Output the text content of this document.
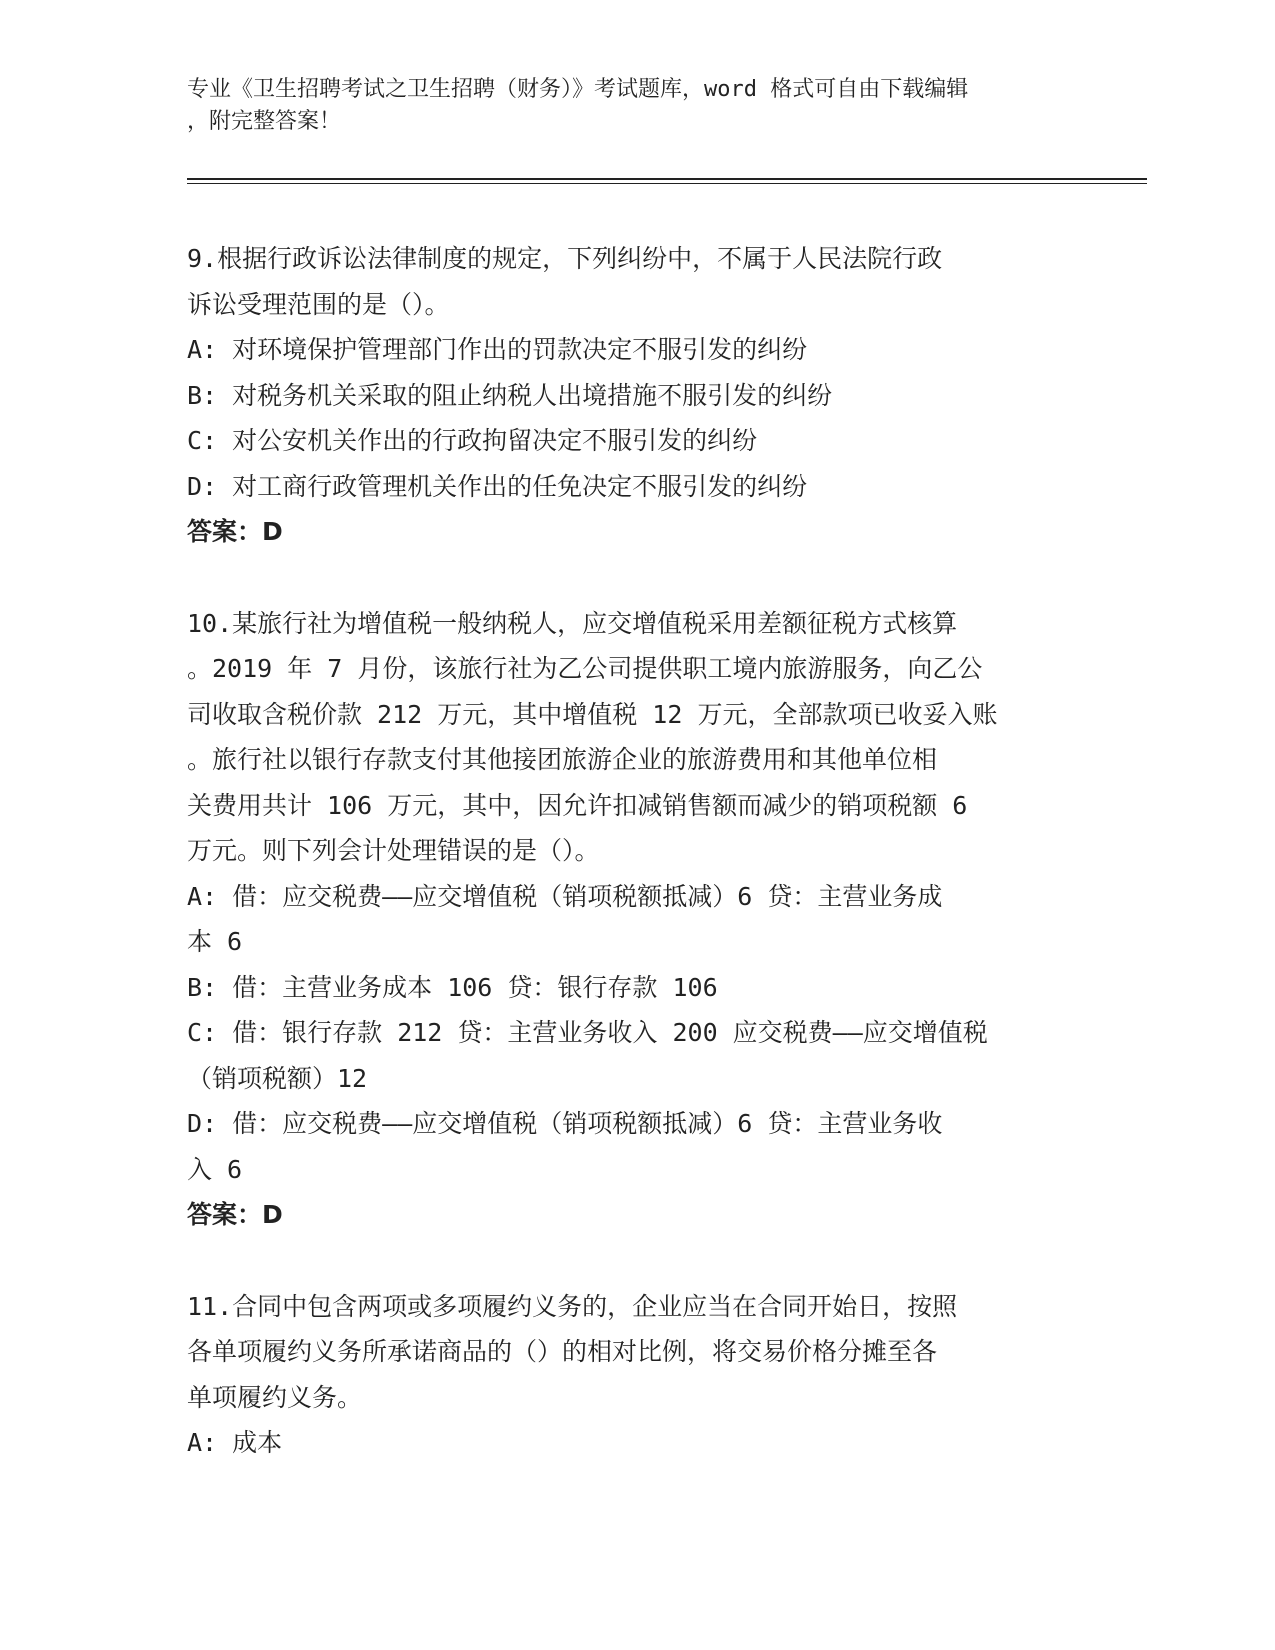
专业《卫生招聘考试之卫生招聘（财务）》考试题库，word 格式可自由下载编辑
，附完整答案！
9.根据行政诉讼法律制度的规定，下列纠纷中，不属于人民法院行政
诉讼受理范围的是（）。
A: 对环境保护管理部门作出的罚款决定不服引发的纠纷
B: 对税务机关采取的阻止纳税人出境措施不服引发的纠纷
C: 对公安机关作出的行政拘留决定不服引发的纠纷
D: 对工商行政管理机关作出的任免决定不服引发的纠纷
答案：D
10.某旅行社为增值税一般纳税人，应交增值税采用差额征税方式核算
。2019 年 7 月份，该旅行社为乙公司提供职工境内旅游服务，向乙公
司收取含税价款 212 万元，其中增值税 12 万元，全部款项已收妥入账
。旅行社以银行存款支付其他接团旅游企业的旅游费用和其他单位相
关费用共计 106 万元，其中，因允许扣减销售额而减少的销项税额 6
万元。则下列会计处理错误的是（）。
A: 借：应交税费——应交增值税（销项税额抵减）6 贷：主营业务成
本 6
B: 借：主营业务成本 106 贷：银行存款 106
C: 借：银行存款 212 贷：主营业务收入 200 应交税费——应交增值税
（销项税额）12
D: 借：应交税费——应交增值税（销项税额抵减）6 贷：主营业务收
入 6
答案：D
11.合同中包含两项或多项履约义务的，企业应当在合同开始日，按照
各单项履约义务所承诺商品的（）的相对比例，将交易价格分摊至各
单项履约义务。
A: 成本
